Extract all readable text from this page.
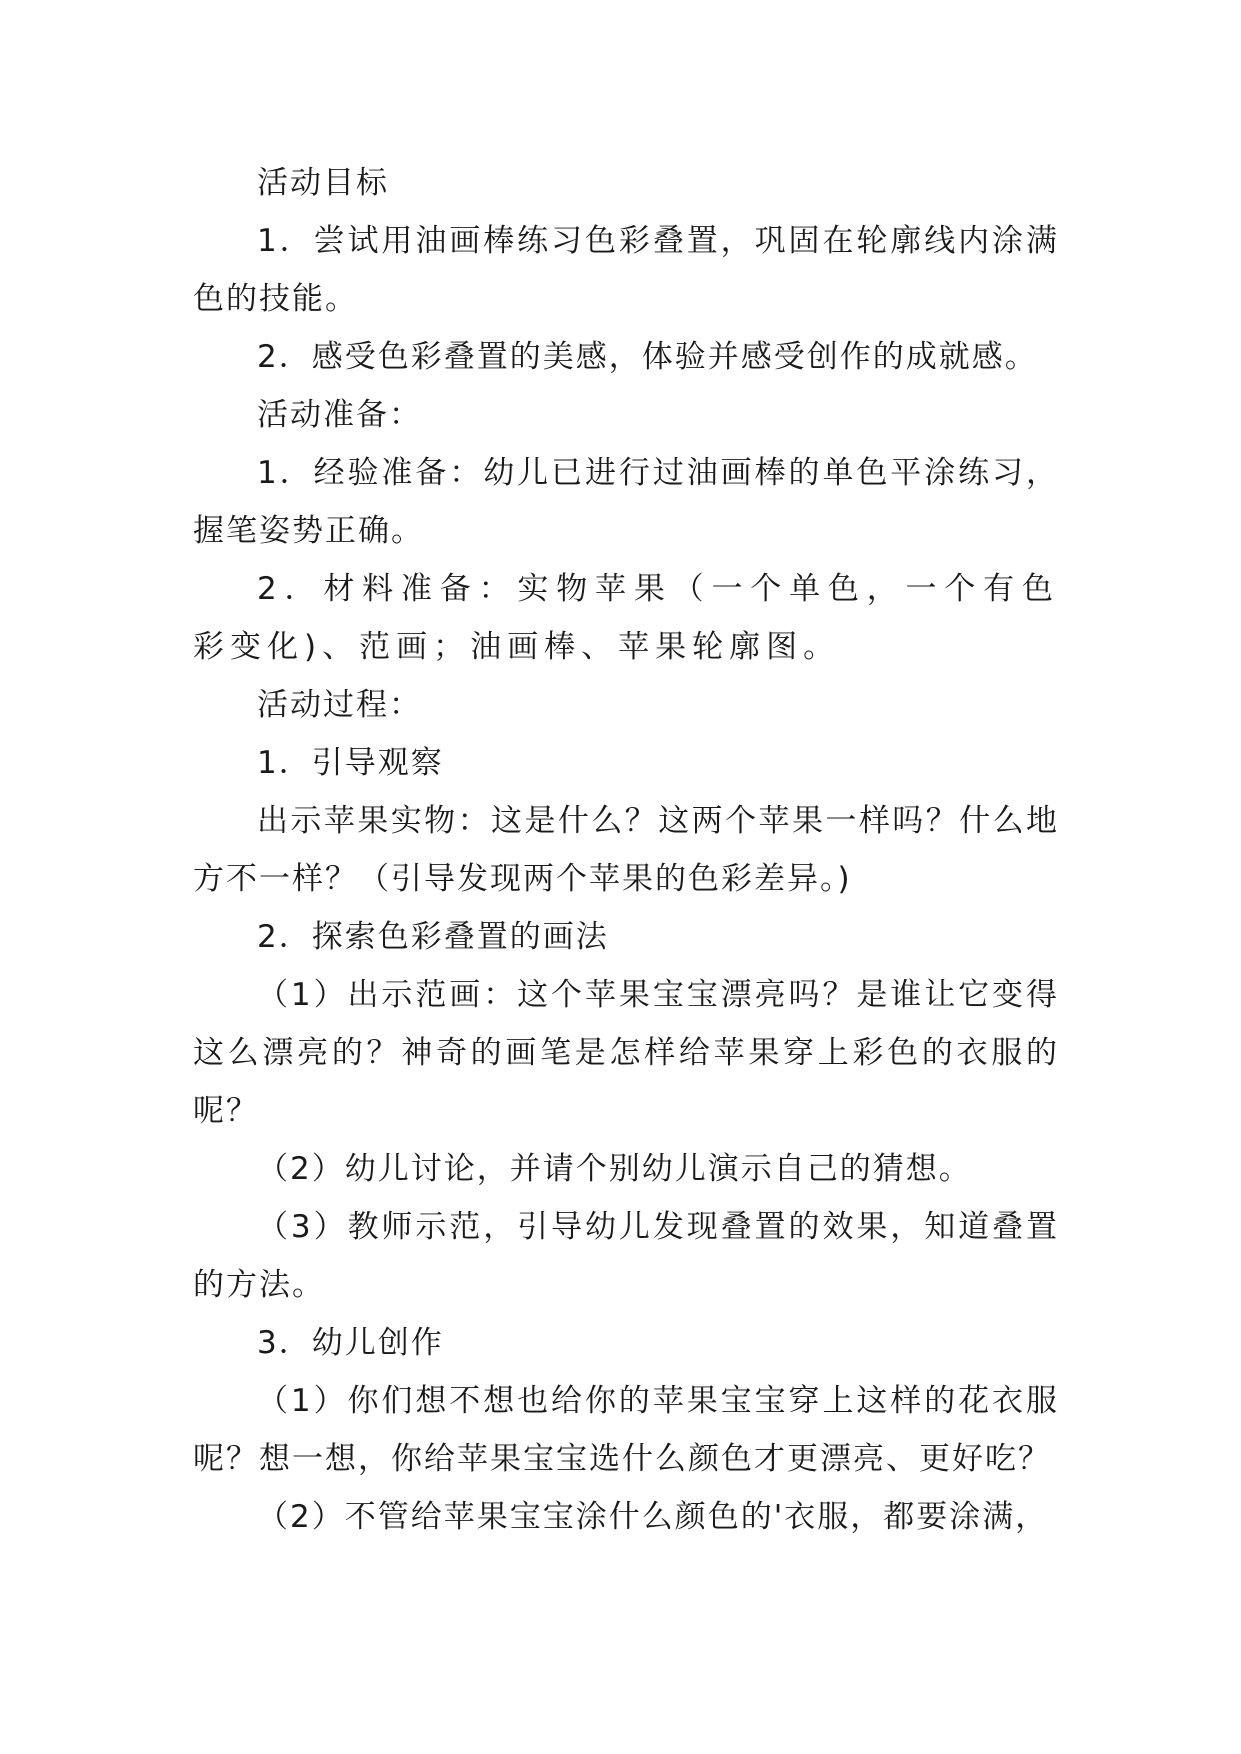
活动目标

1．尝试用油画棒练习色彩叠置，巩固在轮廓线内涂满色的技能。

2．感受色彩叠置的美感，体验并感受创作的成就感。

活动准备：

1．经验准备：幼儿已进行过油画棒的单色平涂练习，握笔姿势正确。

2．材料准备：实物苹果（一个单色，一个有色彩变化)、范画；油画棒、苹果轮廓图。

活动过程：

1．引导观察

出示苹果实物：这是什么？这两个苹果一样吗？什么地方不一样？（引导发现两个苹果的色彩差异。)

2．探索色彩叠置的画法

（1）出示范画：这个苹果宝宝漂亮吗？是谁让它变得这么漂亮的？神奇的画笔是怎样给苹果穿上彩色的衣服的呢？

（2）幼儿讨论，并请个别幼儿演示自己的猜想。

（3）教师示范，引导幼儿发现叠置的效果，知道叠置的方法。

3．幼儿创作

（1）你们想不想也给你的苹果宝宝穿上这样的花衣服呢？想一想，你给苹果宝宝选什么颜色才更漂亮、更好吃？

（2）不管给苹果宝宝涂什么颜色的'衣服，都要涂满，
